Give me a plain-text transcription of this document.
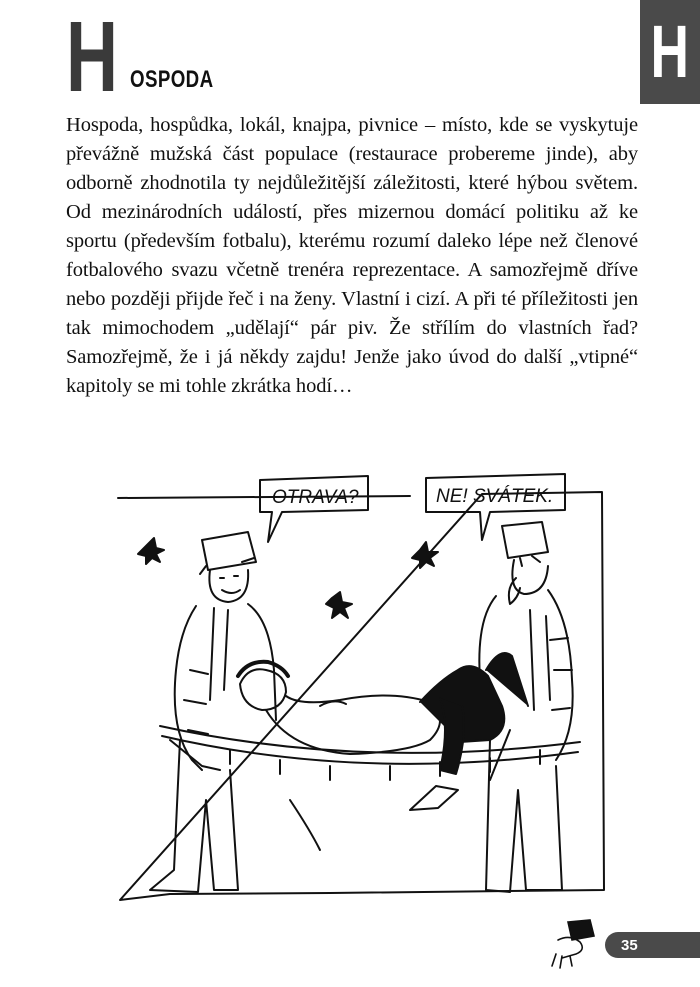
H
H OSPODA

Hospoda, hospůdka, lokál, knajpa, pivnice – místo, kde se vyskytuje převážně mužská část populace (restaurace probereme jinde), aby odborně zhodnotila ty nejdůležitější záležitosti, které hýbou světem. Od mezinárodních událostí, přes mizernou domácí politiku až ke sportu (především fotbalu), kterému rozumí daleko lépe než členové fotbalového svazu včetně trenéra reprezentace. A samozřejmě dříve nebo později přijde řeč i na ženy. Vlastní i cizí. A při té příležitosti jen tak mimochodem „udělají“ pár piv. Že střílím do vlastních řad? Samozřejmě, že i já někdy zajdu! Jenže jako úvod do další „vtipné“ kapitoly se mi tohle zkrátka hodí…

OTRAVA?	NE! SVÁTEK.
35
